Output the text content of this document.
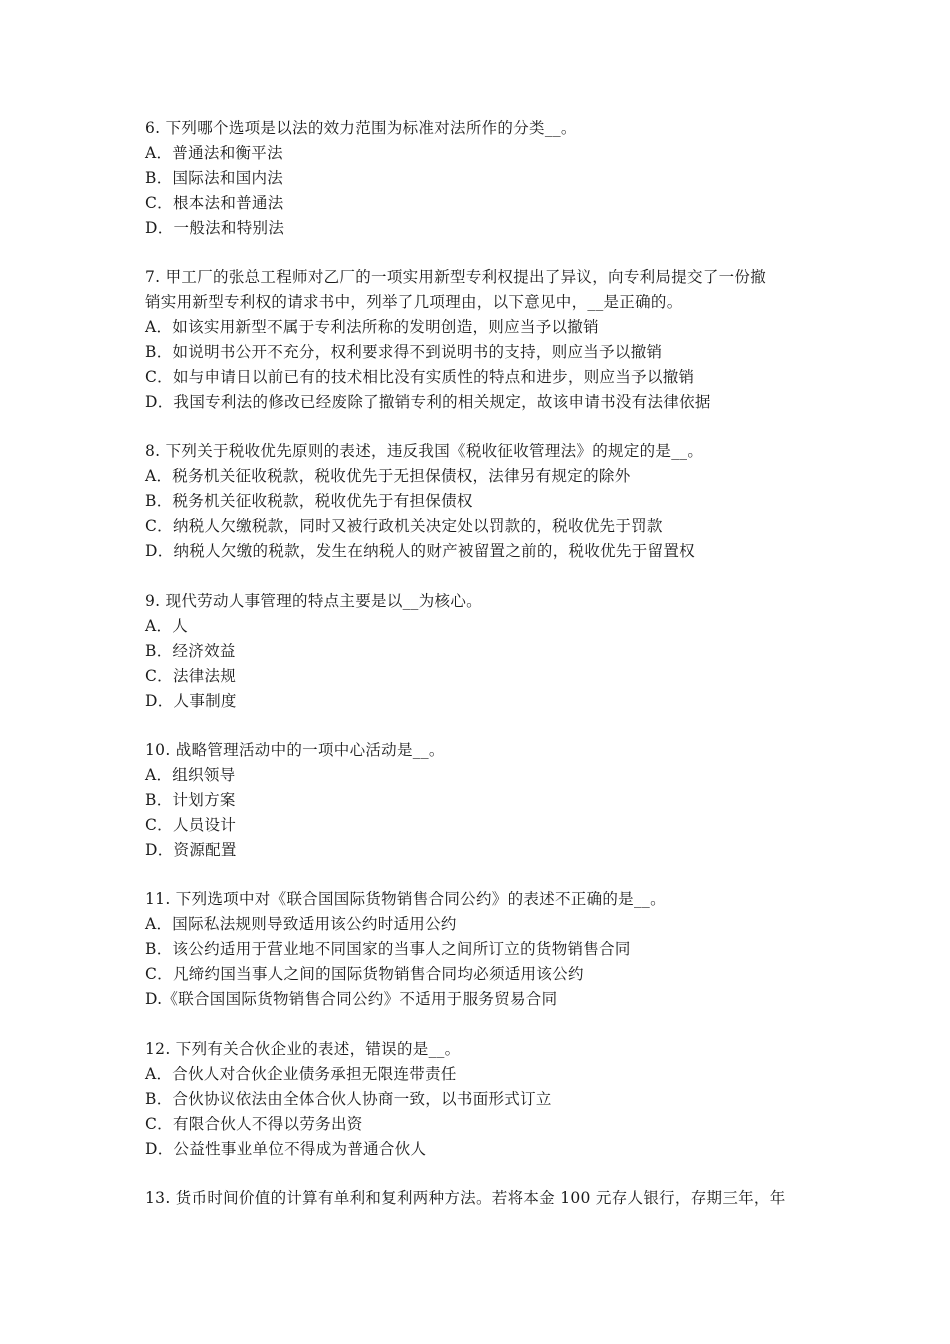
6. 下列哪个选项是以法的效力范围为标准对法所作的分类__。
A．普通法和衡平法
B．国际法和国内法
C．根本法和普通法
D．一般法和特别法
7. 甲工厂的张总工程师对乙厂的一项实用新型专利权提出了异议，向专利局提交了一份撤
销实用新型专利权的请求书中，列举了几项理由，以下意见中，__是正确的。
A．如该实用新型不属于专利法所称的发明创造，则应当予以撤销
B．如说明书公开不充分，权利要求得不到说明书的支持，则应当予以撤销
C．如与申请日以前已有的技术相比没有实质性的特点和进步，则应当予以撤销
D．我国专利法的修改已经废除了撤销专利的相关规定，故该申请书没有法律依据
8. 下列关于税收优先原则的表述，违反我国《税收征收管理法》的规定的是__。
A．税务机关征收税款，税收优先于无担保债权，法律另有规定的除外
B．税务机关征收税款，税收优先于有担保债权
C．纳税人欠缴税款，同时又被行政机关决定处以罚款的，税收优先于罚款
D．纳税人欠缴的税款，发生在纳税人的财产被留置之前的，税收优先于留置权
9. 现代劳动人事管理的特点主要是以__为核心。
A．人
B．经济效益
C．法律法规
D．人事制度
10. 战略管理活动中的一项中心活动是__。
A．组织领导
B．计划方案
C．人员设计
D．资源配置
11. 下列选项中对《联合国国际货物销售合同公约》的表述不正确的是__。
A．国际私法规则导致适用该公约时适用公约
B．该公约适用于营业地不同国家的当事人之间所订立的货物销售合同
C．凡缔约国当事人之间的国际货物销售合同均必须适用该公约
D.《联合国国际货物销售合同公约》不适用于服务贸易合同
12. 下列有关合伙企业的表述，错误的是__。
A．合伙人对合伙企业债务承担无限连带责任
B．合伙协议依法由全体合伙人协商一致，以书面形式订立
C．有限合伙人不得以劳务出资
D．公益性事业单位不得成为普通合伙人
13. 货币时间价值的计算有单利和复利两种方法。若将本金 100 元存人银行，存期三年，年
